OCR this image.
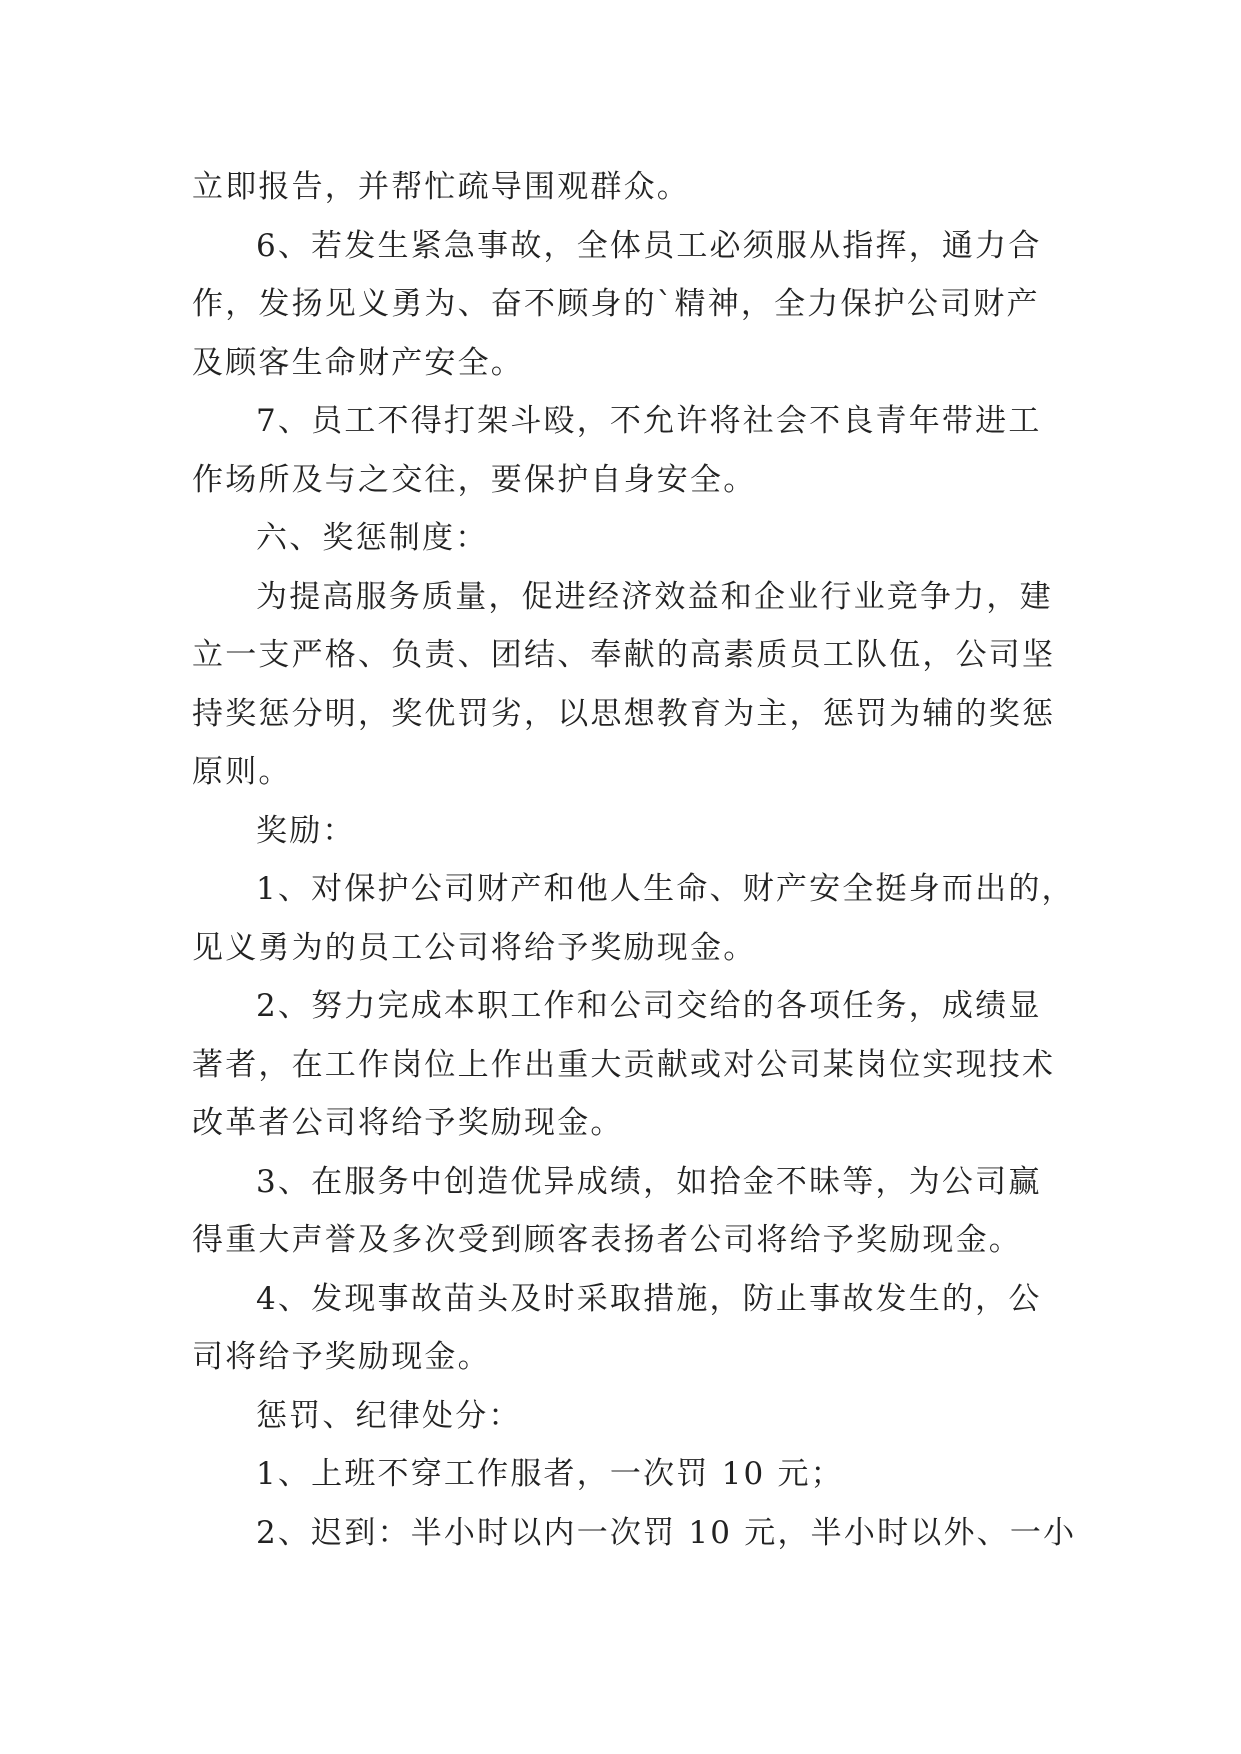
立即报告，并帮忙疏导围观群众。
6、若发生紧急事故，全体员工必须服从指挥，通力合
作，发扬见义勇为、奋不顾身的`精神，全力保护公司财产
及顾客生命财产安全。
7、员工不得打架斗殴，不允许将社会不良青年带进工
作场所及与之交往，要保护自身安全。
六、奖惩制度：
为提高服务质量，促进经济效益和企业行业竞争力，建
立一支严格、负责、团结、奉献的高素质员工队伍，公司坚
持奖惩分明，奖优罚劣，以思想教育为主，惩罚为辅的奖惩
原则。
奖励：
1、对保护公司财产和他人生命、财产安全挺身而出的，
见义勇为的员工公司将给予奖励现金。
2、努力完成本职工作和公司交给的各项任务，成绩显
著者，在工作岗位上作出重大贡献或对公司某岗位实现技术
改革者公司将给予奖励现金。
3、在服务中创造优异成绩，如拾金不昧等，为公司赢
得重大声誉及多次受到顾客表扬者公司将给予奖励现金。
4、发现事故苗头及时采取措施，防止事故发生的，公
司将给予奖励现金。
惩罚、纪律处分：
1、上班不穿工作服者，一次罚 10 元；
2、迟到：半小时以内一次罚 10 元，半小时以外、一小
